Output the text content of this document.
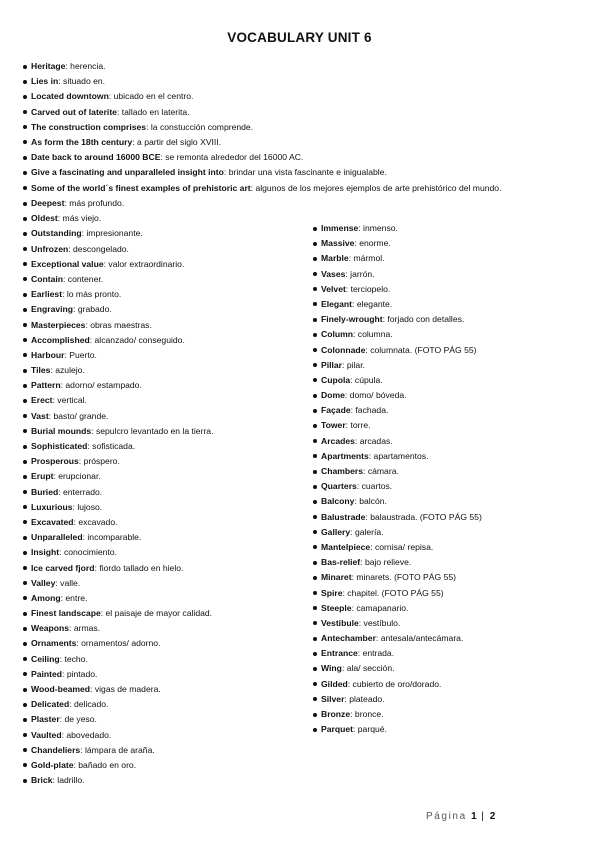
VOCABULARY UNIT 6
Heritage: herencia.
Lies in: situado en.
Located downtown: ubicado en el centro.
Carved out of laterite: tallado en laterita.
The construction comprises: la constucción comprende.
As form the 18th century: a partir del siglo XVIII.
Date back to around 16000 BCE: se remonta alrededor del 16000 AC.
Give a fascinating and unparalleled insight into: brindar una vista fascinante e inigualable.
Some of the world´s finest examples of prehistoric art: algunos de los mejores ejemplos de arte prehistórico del mundo.
Deepest: más profundo.
Oldest: más viejo.
Outstanding: impresionante.
Unfrozen: descongelado.
Exceptional value: valor extraordinario.
Contain: contener.
Earliest: lo más pronto.
Engraving: grabado.
Masterpieces: obras maestras.
Accomplished: alcanzado/ conseguido.
Harbour: Puerto.
Tiles: azulejo.
Pattern: adorno/ estampado.
Erect: vertical.
Vast: basto/ grande.
Burial mounds: sepulcro levantado en la tierra.
Sophisticated: sofisticada.
Prosperous: próspero.
Erupt: erupcionar.
Buried: enterrado.
Luxurious: lujoso.
Excavated: excavado.
Unparalleled: incomparable.
Insight: conocimiento.
Ice carved fjord: fiordo tallado en hielo.
Valley: valle.
Among: entre.
Finest landscape: el paisaje de mayor calidad.
Weapons: armas.
Ornaments: ornamentos/ adorno.
Ceiling: techo.
Painted: pintado.
Wood-beamed: vigas de madera.
Delicated: delicado.
Plaster: de yeso.
Vaulted: abovedado.
Chandeliers: lámpara de araña.
Gold-plate: bañado en oro.
Brick: ladrillo.
Immense: inmenso.
Massive: enorme.
Marble: mármol.
Vases: jarrón.
Velvet: terciopelo.
Elegant: elegante.
Finely-wrought: forjado con detalles.
Column: columna.
Colonnade: columnata. (FOTO PÁG 55)
Pillar: pilar.
Cupola: cúpula.
Dome: domo/ bóveda.
Façade: fachada.
Tower: torre.
Arcades: arcadas.
Apartments: apartamentos.
Chambers: cámara.
Quarters: cuartos.
Balcony: balcón.
Balustrade: balaustrada. (FOTO PÁG 55)
Gallery: galería.
Mantelpiece: cornisa/ repisa.
Bas-relief: bajo relieve.
Minaret: minarets. (FOTO PÁG 55)
Spire: chapitel. (FOTO PÁG 55)
Steeple: camapanario.
Vestibule: vestíbulo.
Antechamber: antesala/antecámara.
Entrance: entrada.
Wing: ala/ sección.
Gilded: cubierto de oro/dorado.
Silver: plateado.
Bronze: bronce.
Parquet: parqué.
Página 1 | 2
